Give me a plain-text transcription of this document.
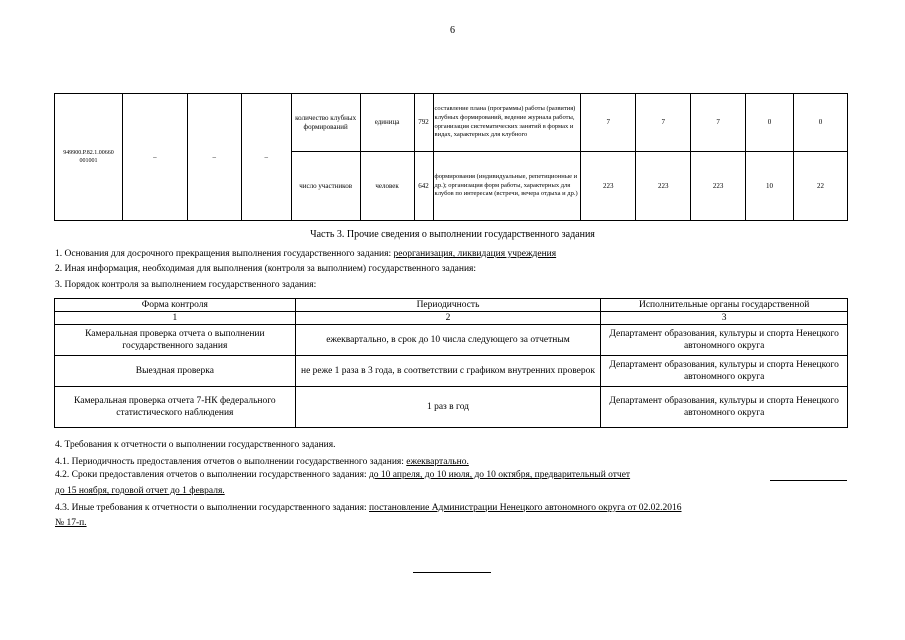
6
949900.Р.82.1.00660 001001	–	–	–	количество клубных формирований	единица	792	составление плана (программы) работы (развития) клубных формирований, ведение журнала работы, организация систематических занятий в формах и видах, характерных для клубного	7	7	7	0	0
				число участников	человек	642	формирования (индивидуальные, репетиционные и др.); организация форм работы, характерных для клубов по интересам (встречи, вечера отдыха и др.)	223	223	223	10	22
Часть 3. Прочие сведения о выполнении государственного задания
1. Основания для досрочного прекращения выполнения государственного задания: реорганизация, ликвидация учреждения
2. Иная информация, необходимая для выполнения (контроля за выполнием) государственного задания:
3. Порядок контроля за выполнением государственного задания:
Форма контроля	Периодичность	Исполнительные органы государственной
1	2	3
Камеральная проверка отчета о выполнении государственного задания	ежеквартально, в срок до 10 числа следующего за отчетным	Департамент образования, культуры и спорта Ненецкого автономного округа
Выездная проверка	не реже 1 раза в 3 года, в соответствии с графиком внутренних проверок	Департамент образования, культуры и спорта Ненецкого автономного округа
Камеральная проверка отчета 7-НК федерального статистического наблюдения	1 раз в год	Департамент образования, культуры и спорта Ненецкого автономного округа
4. Требования к отчетности о выполнении государственного задания.
4.1. Периодичность предоставления отчетов о выполнении государственного задания: ежеквартально.
4.2. Сроки предоставления отчетов о выполнении государственного задания: до 10 апреля, до 10 июля, до 10 октября, предварительный отчет
до 15 ноября, годовой отчет до 1 февраля.
4.3. Иные требования к отчетности о выполнении государственного задания: постановление Администрации Ненецкого автономного округа от 02.02.2016
№ 17-п.
